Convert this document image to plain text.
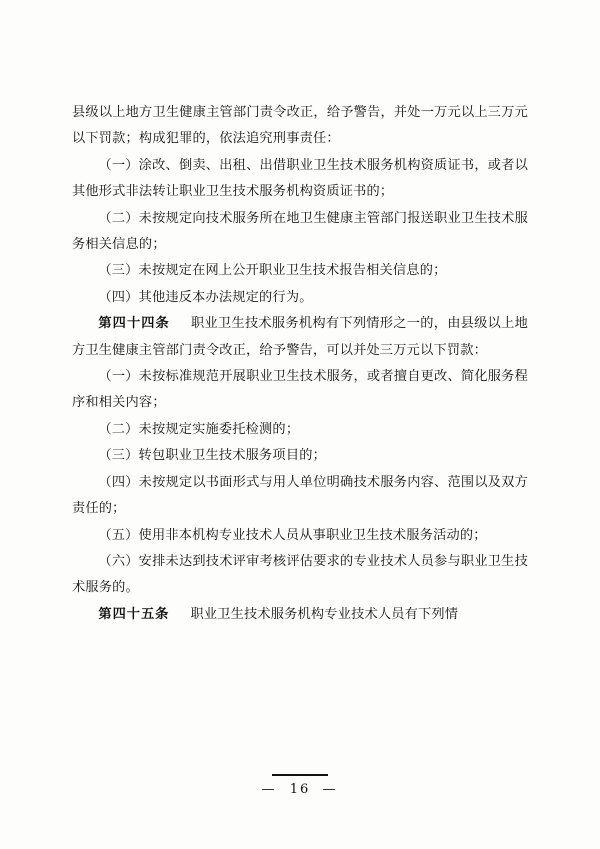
县级以上地方卫生健康主管部门责令改正，给予警告，并处一万元以上三万元以下罚款；构成犯罪的，依法追究刑事责任：

（一）涂改、倒卖、出租、出借职业卫生技术服务机构资质证书，或者以其他形式非法转让职业卫生技术服务机构资质证书的；

（二）未按规定向技术服务所在地卫生健康主管部门报送职业卫生技术服务相关信息的；

（三）未按规定在网上公开职业卫生技术报告相关信息的；

（四）其他违反本办法规定的行为。

第四十四条 职业卫生技术服务机构有下列情形之一的，由县级以上地方卫生健康主管部门责令改正，给予警告，可以并处三万元以下罚款：

（一）未按标准规范开展职业卫生技术服务，或者擅自更改、简化服务程序和相关内容；

（二）未按规定实施委托检测的；

（三）转包职业卫生技术服务项目的；

（四）未按规定以书面形式与用人单位明确技术服务内容、范围以及双方责任的；

（五）使用非本机构专业技术人员从事职业卫生技术服务活动的；

（六）安排未达到技术评审考核评估要求的专业技术人员参与职业卫生技术服务的。

第四十五条 职业卫生技术服务机构专业技术人员有下列情

— 16 —
